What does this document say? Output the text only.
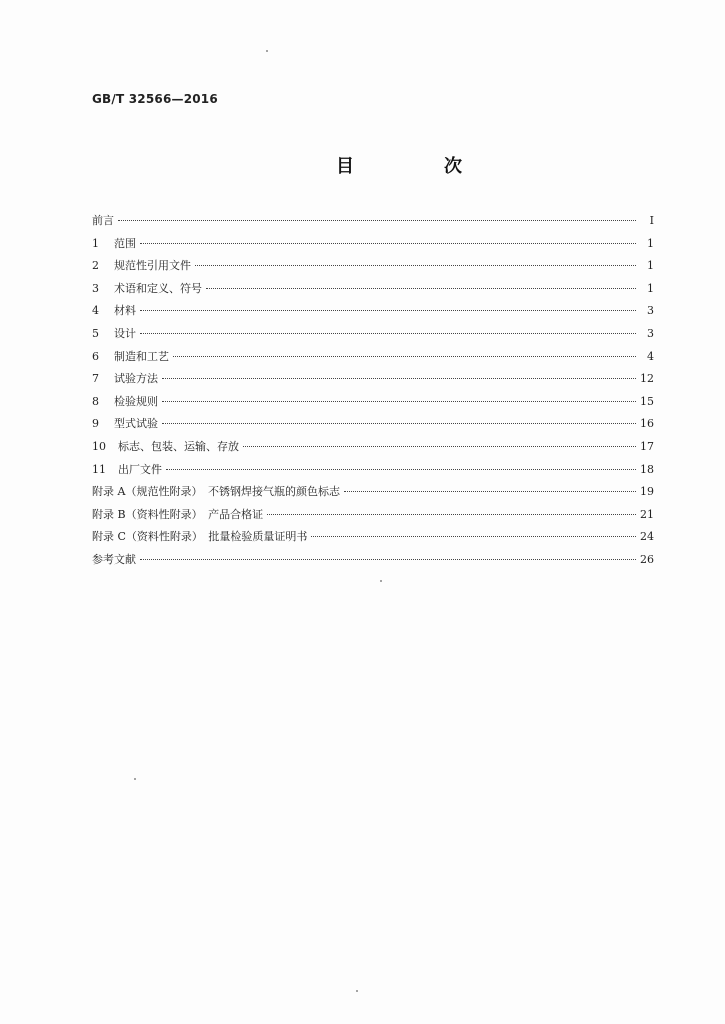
GB/T 32566—2016
目　次
前言	Ⅰ
1	范围	1
2	规范性引用文件	1
3	术语和定义、符号	1
4	材料	3
5	设计	3
6	制造和工艺	4
7	试验方法	12
8	检验规则	15
9	型式试验	16
10	标志、包装、运输、存放	17
11	出厂文件	18
附录 A（规范性附录）　不锈钢焊接气瓶的颜色标志	19
附录 B（资料性附录）　产品合格证	21
附录 C（资料性附录）　批量检验质量证明书	24
参考文献	26
